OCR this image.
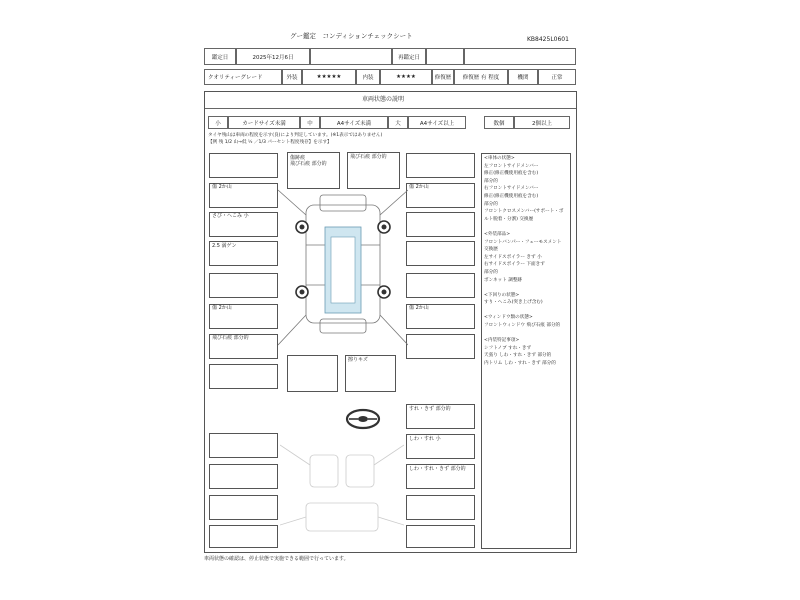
グー鑑定　コンディションチェックシート	KB8425L0601
鑑定日	2025年12月6日	再鑑定日
クオリティーグレード	外装	★★★★★	内装	★★★★	修復歴	修復歴 有 程度	機関	正常
車両状態の説明
小	カードサイズ未満	中	A4サイズ未満	大	A4サイズ以上	数個	2個以上
タイヤ残山は車両の程度を示す(良)により判定しています。(※1表示ではありません)
【例 残 1/2 山→低 ½ ／1/3 パーセント程度残存】を示す】
<車体の状態>
左フロントサイドメンバー
修正(修正機使用痕を含む)
部分的
右フロントサイドメンバー
修正(修正機使用痕を含む)
部分的
フロントクロスメンバー(サポート・ボ
ルト脱着・分割) 交換歴

<外装部品>
フロントバンパー・フェーモスメント
交換歴
左サイドスポイラー きず 小
右サイドスポイラー 下面きず
部分的
ボンネット 調整跡

<下回りの状態>
すり・へこみ(突き上げ含む)

<ウィンドウ類の状態>
フロントウィンドウ 飛び石痕 部分的

<内装特記事項>
シフトノブ すれ・きず
天張り しわ・すれ・きず 部分的
内トリム しわ・すれ・きず 部分的
傷跡痕
飛び石痕 部分的
飛び石痕 部分的
傷 2か山
さび・へこみ 小
2.5 満ゲン
傷 2か山
飛び石痕 部分的
傷 2か山
傷 2か山
擦りキズ
すれ・きず 部分的
しわ・すれ 小
しわ・すれ・きず 部分的
車両状態の確認は、停止状態で実施できる範囲で行っています。
